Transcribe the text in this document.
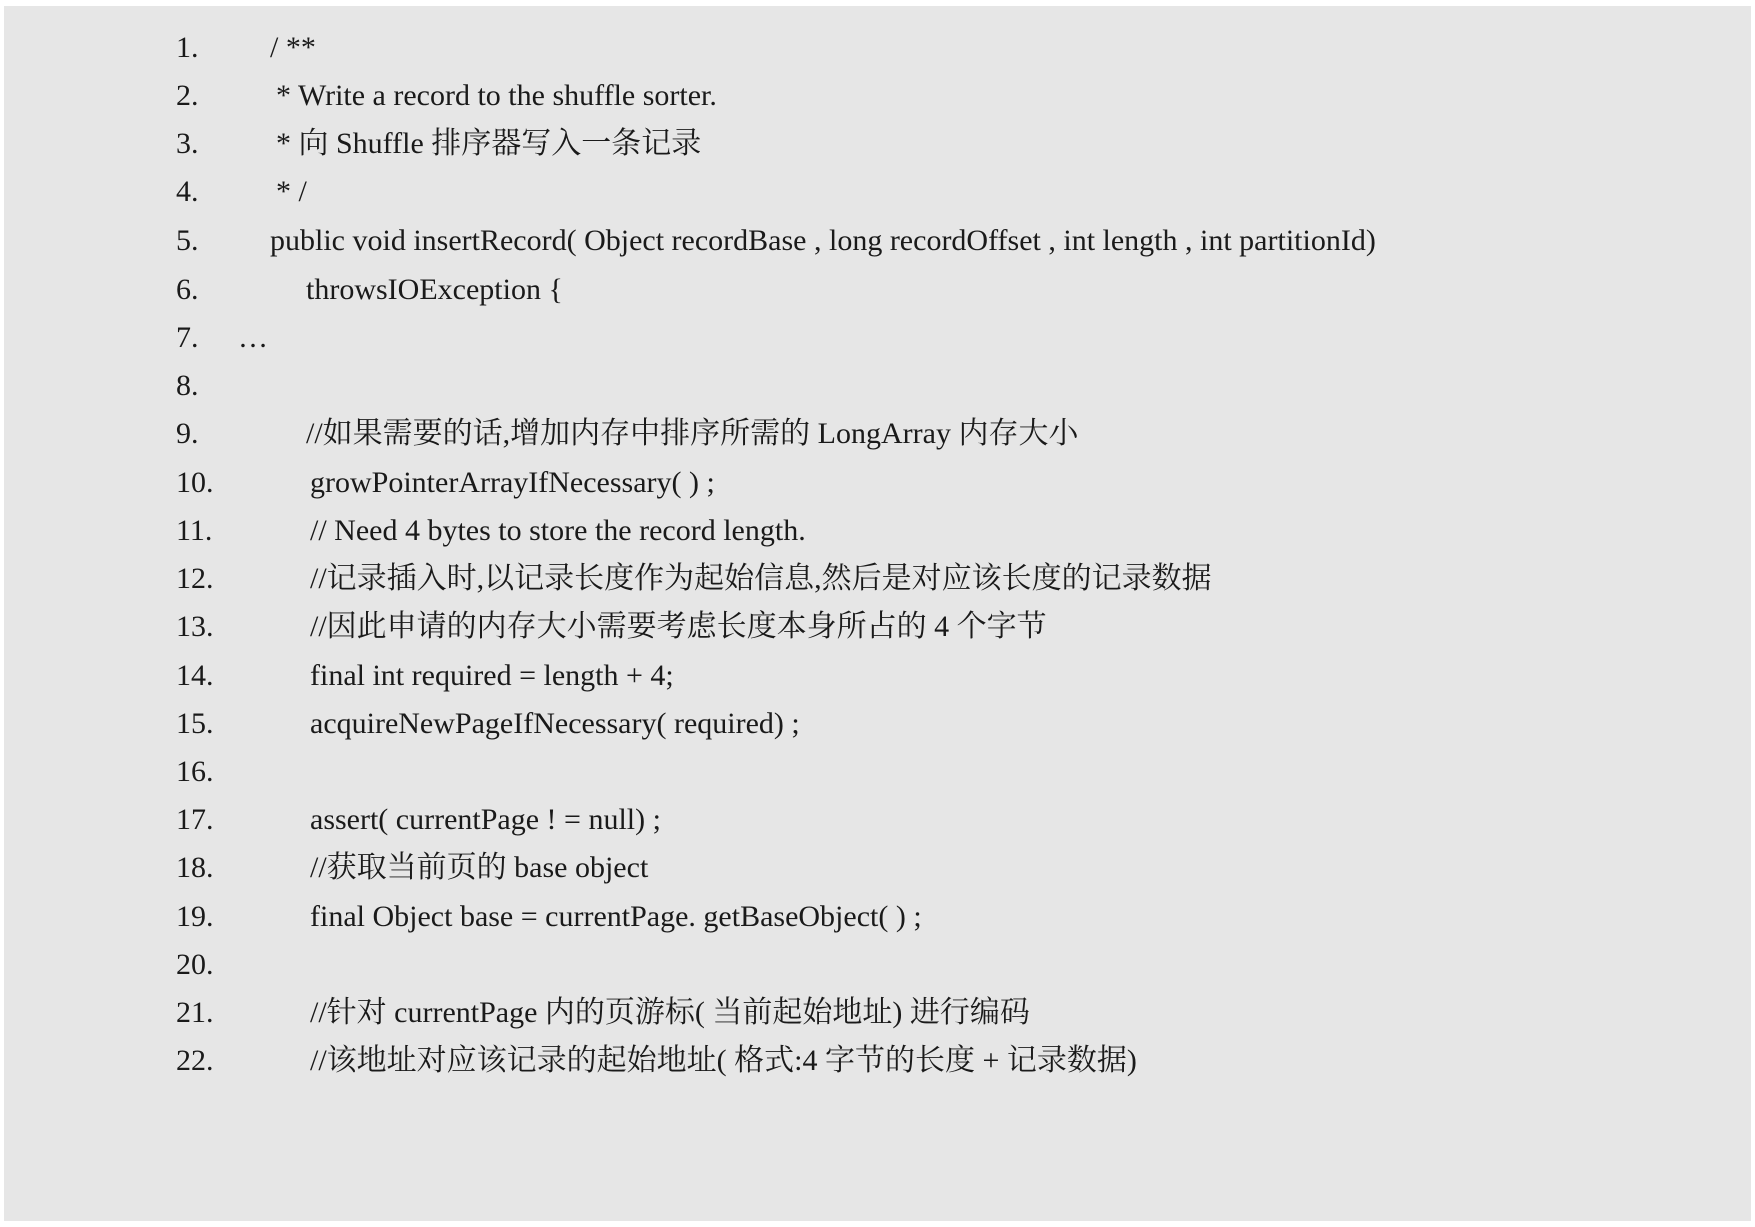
1.

/ **

2.

	* Write a record to the shuffle sorter.

3.

	* 向 Shuffle 排序器写入一条记录

4.

	* /

5.

public void insertRecord( Object recordBase , long recordOffset , int length , int partitionId)

6.

	throwsIOException {

7.

…

8.

9.

	//如果需要的话,增加内存中排序所需的 LongArray 内存大小

10.

	growPointerArrayIfNecessary( ) ;

11.

	// Need 4 bytes to store the record length.

12.

	//记录插入时,以记录长度作为起始信息,然后是对应该长度的记录数据

13.

	//因此申请的内存大小需要考虑长度本身所占的 4 个字节

14.

	final int required = length + 4;

15.

	acquireNewPageIfNecessary( required) ;

16.

17.

	assert( currentPage ! = null) ;

18.

	//获取当前页的 base object

19.

	final Object base = currentPage. getBaseObject( ) ;

20.

21.

	//针对 currentPage 内的页游标( 当前起始地址) 进行编码

22.

	//该地址对应该记录的起始地址( 格式:4 字节的长度 + 记录数据)
